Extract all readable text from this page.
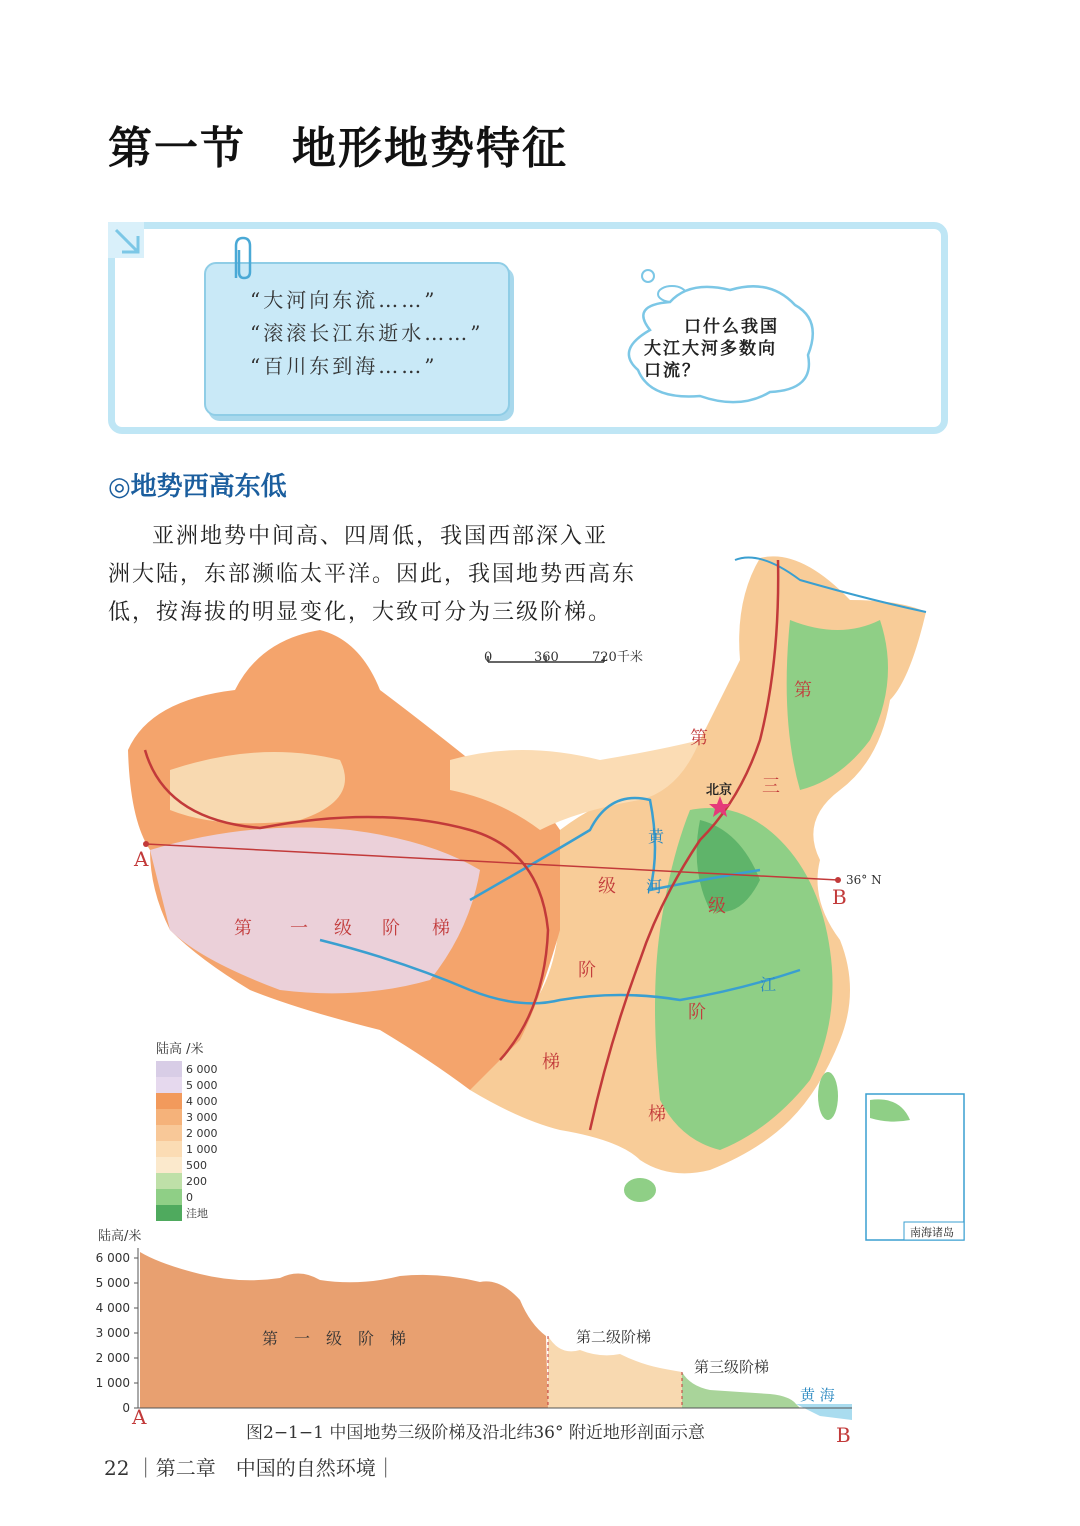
第一节　地形地势特征
“大河向东流……”
“滚滚长江东逝水……”
“百川东到海……”
口什么我国
大江大河多数向
口流？
◎地势西高东低

亚洲地势中间高、四周低，我国西部深入亚

洲大陆，东部濒临太平洋。因此，我国地势西高东

低，按海拔的明显变化，大致可分为三级阶梯。

0	360	720千米
A
B
36° N
第 一 级 阶 梯
级
阶
梯
第
第
三
级
阶
梯
黄
河
江
北京
南海诸岛
陆高 /米
6 000
5 000
4 000
3 000
2 000
1 000
500
200
0
洼地
陆高/米
6 000
5 000
4 000
3 000
2 000
1 000
0
第　一　级　阶　梯	第二级阶梯
第三级阶梯
黄 海
A
B
图2−1−1 中国地势三级阶梯及沿北纬36° 附近地形剖面示意
22 ｜第二章　中国的自然环境｜
